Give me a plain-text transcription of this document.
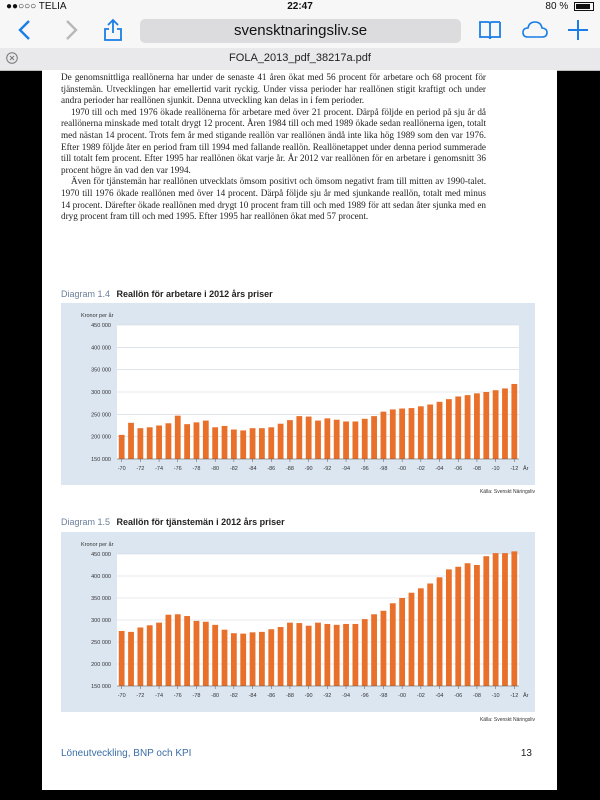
●●○○○ TELIA	22:47	80 %
svensktnaringsliv.se
FOLA_2013_pdf_38217a.pdf

De genomsnittliga reallönerna har under de senaste 41 åren ökat med 56 procent för arbetare och 68 procent för tjänstemän. Utvecklingen har emellertid varit ryckig. Under vissa perioder har reallönen stigit kraftigt och under andra perioder har reallönen sjunkit. Denna utveckling kan delas in i fem perioder.

1970 till och med 1976 ökade reallönerna för arbetare med över 21 procent. Därpå följde en period på sju år då reallönerna minskade med totalt drygt 12 procent. Åren 1984 till och med 1989 ökade sedan reallönerna igen, totalt med nästan 14 procent. Trots fem år med stigande reallön var reallönen ändå inte lika hög 1989 som den var 1976. Efter 1989 följde åter en period fram till 1994 med fallande reallön. Reallönetappet under denna period summerade till totalt fem procent. Efter 1995 har reallönen ökat varje år. År 2012 var reallönen för en arbetare i genomsnitt 36 procent högre än vad den var 1994.

Även för tjänstemän har reallönen utvecklats ömsom positivt och ömsom negativt fram till mitten av 1990-talet. 1970 till 1976 ökade reallönen med över 14 procent. Därpå följde sju år med sjunkande reallön, totalt med minus 14 procent. Därefter ökade reallönen med drygt 10 procent fram till och med 1989 för att sedan åter sjunka med en dryg procent fram till och med 1995. Efter 1995 har reallönen ökat med 57 procent.

Diagram 1.4 Reallön för arbetare i 2012 års priser
Kronor per år
150 000
200 000
250 000
300 000
350 000
400 000
450 000
-70 -72 -74 -76 -78 -80 -82 -84 -86 -88 -90 -92 -94 -96 -98 -00 -02 -04 -06 -08 -10 -12 År
Källa: Svenskt Näringsliv
Diagram 1.5 Reallön för tjänstemän i 2012 års priser
Kronor per år
150 000
200 000
250 000
300 000
350 000
400 000
450 000
-70 -72 -74 -76 -78 -80 -82 -84 -86 -88 -90 -92 -94 -96 -98 -00 -02 -04 -06 -08 -10 -12 År
Källa: Svenskt Näringsliv
Löneutveckling, BNP och KPI	13
